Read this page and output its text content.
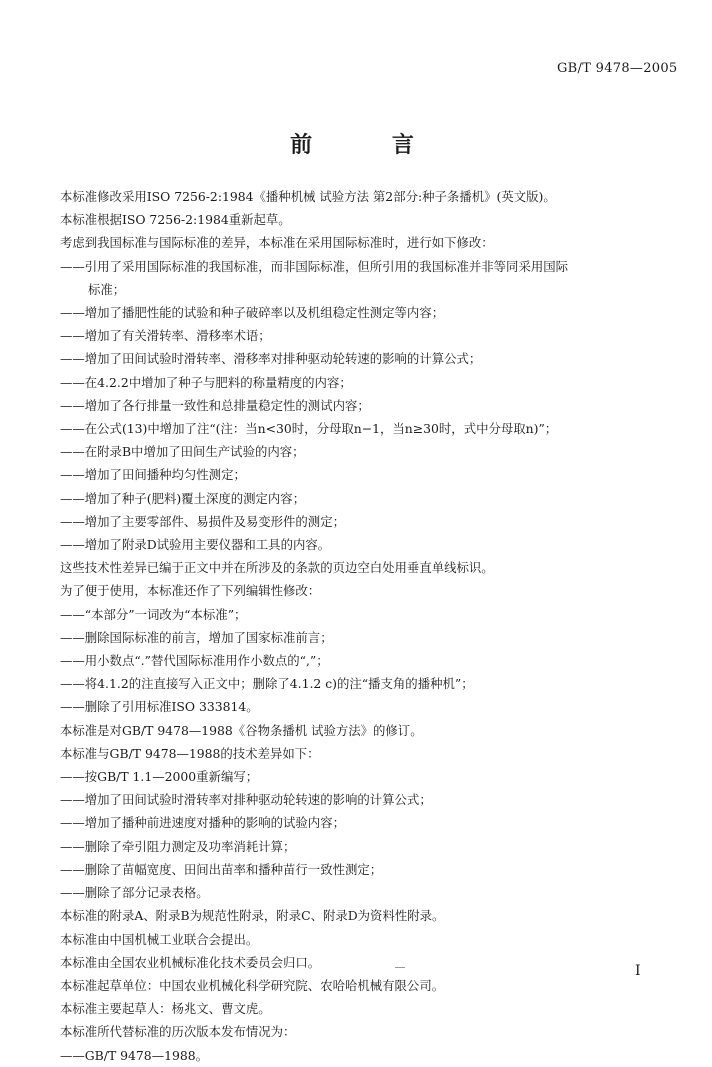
GB/T 9478—2005
前 言
本标准修改采用ISO 7256-2:1984《播种机械 试验方法 第2部分:种子条播机》(英文版)。
本标准根据ISO 7256-2:1984重新起草。
考虑到我国标准与国际标准的差异，本标准在采用国际标准时，进行如下修改：
——引用了采用国际标准的我国标准，而非国际标准，但所引用的我国标准并非等同采用国际
标准；
——增加了播肥性能的试验和种子破碎率以及机组稳定性测定等内容；
——增加了有关滑转率、滑移率术语；
——增加了田间试验时滑转率、滑移率对排种驱动轮转速的影响的计算公式；
——在4.2.2中增加了种子与肥料的称量精度的内容；
——增加了各行排量一致性和总排量稳定性的测试内容；
——在公式(13)中增加了注“(注：当n<30时，分母取n−1，当n≥30时，式中分母取n)”；
——在附录B中增加了田间生产试验的内容；
——增加了田间播种均匀性测定；
——增加了种子(肥料)覆土深度的测定内容；
——增加了主要零部件、易损件及易变形件的测定；
——增加了附录D试验用主要仪器和工具的内容。
这些技术性差异已编于正文中并在所涉及的条款的页边空白处用垂直单线标识。
为了便于使用，本标准还作了下列编辑性修改：
——“本部分”一词改为“本标准”；
——删除国际标准的前言，增加了国家标准前言；
——用小数点“.”替代国际标准用作小数点的“,”；
——将4.1.2的注直接写入正文中；删除了4.1.2 c)的注“播支角的播种机”；
——删除了引用标准ISO 333814。
本标准是对GB/T 9478—1988《谷物条播机 试验方法》的修订。
本标准与GB/T 9478—1988的技术差异如下：
——按GB/T 1.1—2000重新编写；
——增加了田间试验时滑转率对排种驱动轮转速的影响的计算公式；
——增加了播种前进速度对播种的影响的试验内容；
——删除了牵引阻力测定及功率消耗计算；
——删除了苗幅宽度、田间出苗率和播种苗行一致性测定；
——删除了部分记录表格。
本标准的附录A、附录B为规范性附录，附录C、附录D为资料性附录。
本标准由中国机械工业联合会提出。
本标准由全国农业机械标准化技术委员会归口。
本标准起草单位：中国农业机械化科学研究院、农哈哈机械有限公司。
本标准主要起草人：杨兆文、曹文虎。
本标准所代替标准的历次版本发布情况为：
——GB/T 9478—1988。
I
